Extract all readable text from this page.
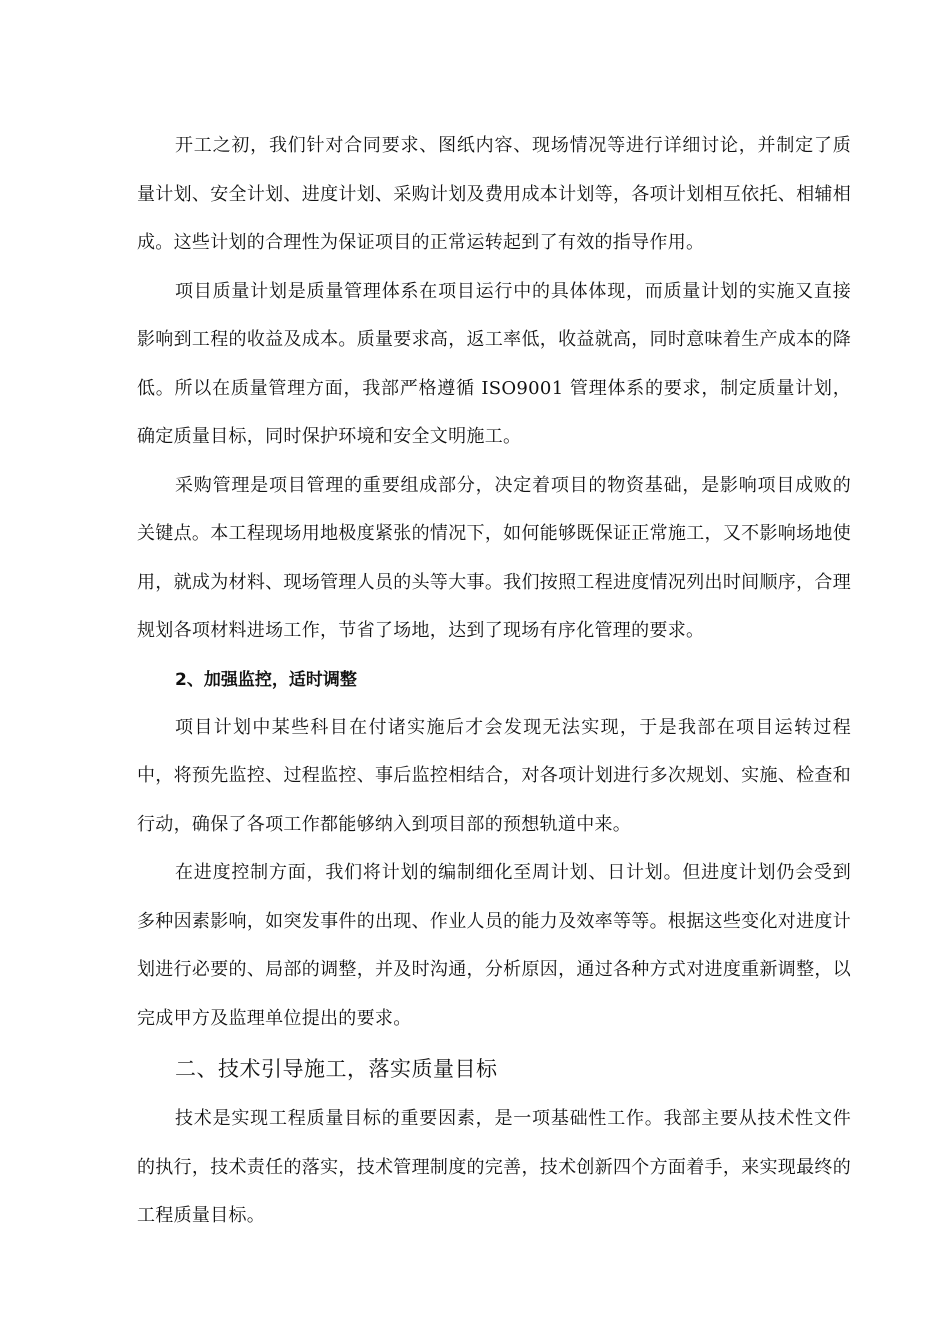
开工之初，我们针对合同要求、图纸内容、现场情况等进行详细讨论，并制定了质量计划、安全计划、进度计划、采购计划及费用成本计划等，各项计划相互依托、相辅相成。这些计划的合理性为保证项目的正常运转起到了有效的指导作用。

项目质量计划是质量管理体系在项目运行中的具体体现，而质量计划的实施又直接影响到工程的收益及成本。质量要求高，返工率低，收益就高，同时意味着生产成本的降低。所以在质量管理方面，我部严格遵循 ISO9001 管理体系的要求，制定质量计划，确定质量目标，同时保护环境和安全文明施工。

采购管理是项目管理的重要组成部分，决定着项目的物资基础，是影响项目成败的关键点。本工程现场用地极度紧张的情况下，如何能够既保证正常施工，又不影响场地使用，就成为材料、现场管理人员的头等大事。我们按照工程进度情况列出时间顺序，合理规划各项材料进场工作，节省了场地，达到了现场有序化管理的要求。

2、加强监控，适时调整

项目计划中某些科目在付诸实施后才会发现无法实现，于是我部在项目运转过程中，将预先监控、过程监控、事后监控相结合，对各项计划进行多次规划、实施、检查和行动，确保了各项工作都能够纳入到项目部的预想轨道中来。

在进度控制方面，我们将计划的编制细化至周计划、日计划。但进度计划仍会受到多种因素影响，如突发事件的出现、作业人员的能力及效率等等。根据这些变化对进度计划进行必要的、局部的调整，并及时沟通，分析原因，通过各种方式对进度重新调整，以完成甲方及监理单位提出的要求。

二、技术引导施工，落实质量目标

技术是实现工程质量目标的重要因素，是一项基础性工作。我部主要从技术性文件的执行，技术责任的落实，技术管理制度的完善，技术创新四个方面着手，来实现最终的工程质量目标。
